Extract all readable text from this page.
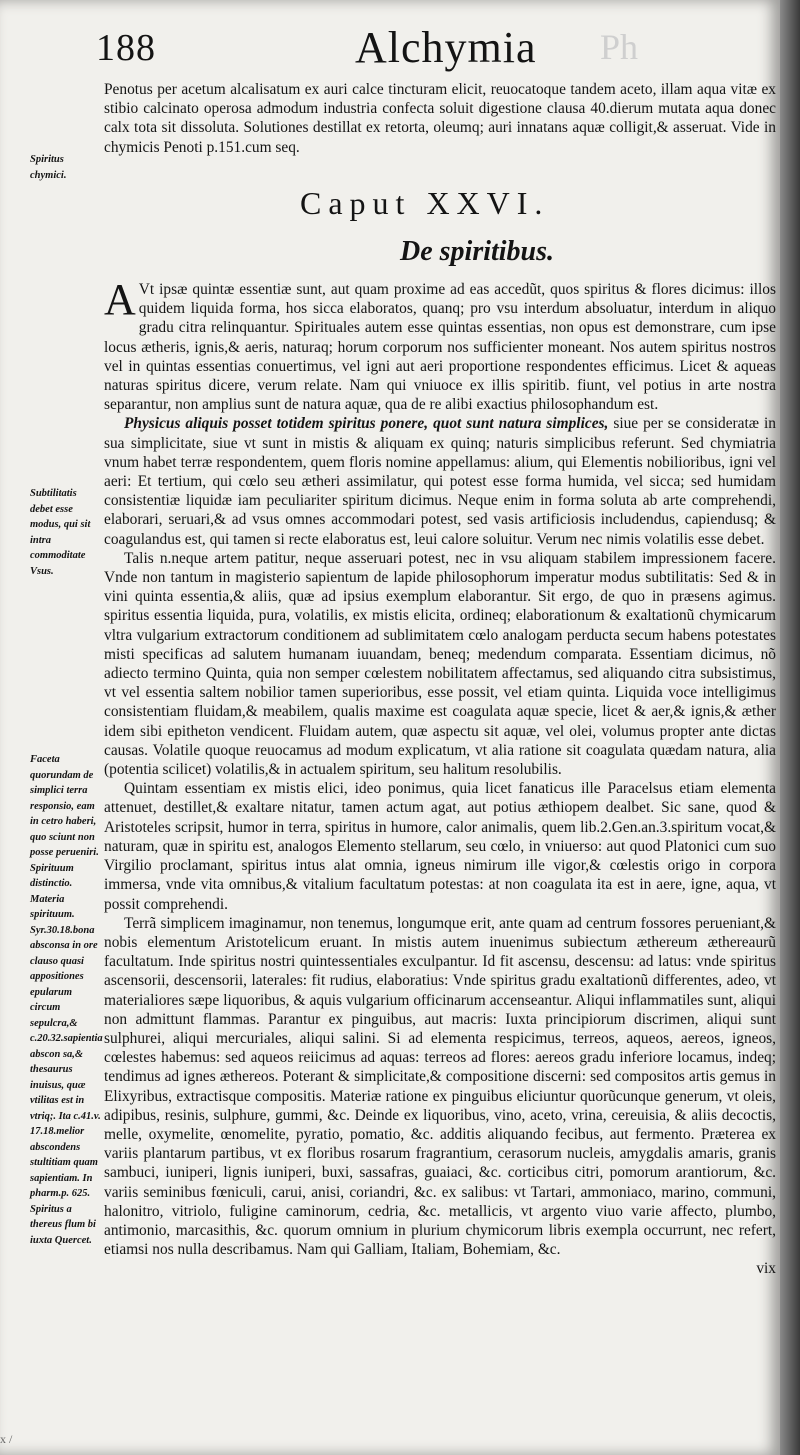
188	Alchymia Ph

Penotus per acetum alcalisatum ex auri calce tincturam elicit, reuocatoque tandem aceto, illam aqua vitæ ex stibio calcinato operosa admodum industria confecta soluit digestione clausa 40.dierum mutata aqua donec calx tota sit dissoluta. Solutiones destillat ex retorta, oleumq; auri innatans aquæ colligit,& asseruat. Vide in chymicis Penoti p.151.cum seq.

Spiritus chymici.
Caput XXVI.
De spiritibus.

A Vt ipsæ quintæ essentiæ sunt, aut quam proxime ad eas accedũt, quos spiritus & flores dicimus: illos quidem liquida forma, hos sicca elaboratos, quanq; pro vsu interdum absoluatur, interdum in aliquo gradu citra relinquantur. Spirituales autem esse quintas essentias, non opus est demonstrare, cum ipse locus ætheris, ignis,& aeris, naturaq; horum corporum nos sufficienter moneant. Nos autem spiritus nostros vel in quintas essentias conuertimus, vel igni aut aeri proportione respondentes efficimus. Licet & aqueas naturas spiritus dicere, verum relate. Nam qui vniuoce ex illis spiritib. fiunt, vel potius in arte nostra separantur, non amplius sunt de natura aquæ, qua de re alibi exactius philosophandum est.

Physicus aliquis posset totidem spiritus ponere, quot sunt natura simplices, siue per se consideratæ in sua simplicitate, siue vt sunt in mistis & aliquam ex quinq; naturis simplicibus referunt. Sed chymiatria vnum habet terræ respondentem, quem floris nomine appellamus: alium, qui Elementis nobilioribus, igni vel aeri: Et tertium, qui cœlo seu ætheri assimilatur, qui potest esse forma humida, vel sicca; sed humidam consistentiæ liquidæ iam peculiariter spiritum dicimus. Neque enim in forma soluta ab arte comprehendi, elaborari, seruari,& ad vsus omnes accommodari potest, sed vasis artificiosis includendus, capiendusq; & coagulandus est, qui tamen si recte elaboratus est, leui calore soluitur. Verum nec nimis volatilis esse debet.

Talis n.neque artem patitur, neque asseruari potest, nec in vsu aliquam stabilem impressionem facere. Vnde non tantum in magisterio sapientum de lapide philosophorum imperatur modus subtilitatis: Sed & in vini quinta essentia,& aliis, quæ ad ipsius exemplum elaborantur. Sit ergo, de quo in præsens agimus. spiritus essentia liquida, pura, volatilis, ex mistis elicita, ordineq; elaborationum & exaltationũ chymicarum vltra vulgarium extractorum conditionem ad sublimitatem cœlo analogam perducta secum habens potestates misti specificas ad salutem humanam iuuandam, beneq; medendum comparata. Essentiam dicimus, nõ adiecto termino Quinta, quia non semper cœlestem nobilitatem affectamus, sed aliquando citra subsistimus, vt vel essentia saltem nobilior tamen superioribus, esse possit, vel etiam quinta. Liquida voce intelligimus consistentiam fluidam,& meabilem, qualis maxime est coagulata aquæ specie, licet & aer,& ignis,& æther idem sibi epitheton vendicent. Fluidam autem, quæ aspectu sit aquæ, vel olei, volumus propter ante dictas causas. Volatile quoque reuocamus ad modum explicatum, vt alia ratione sit coagulata quædam natura, alia (potentia scilicet) volatilis,& in actualem spiritum, seu halitum resolubilis.

Quintam essentiam ex mistis elici, ideo ponimus, quia licet fanaticus ille Paracelsus etiam elementa attenuet, destillet,& exaltare nitatur, tamen actum agat, aut potius æthiopem dealbet. Sic sane, quod & Aristoteles scripsit, humor in terra, spiritus in humore, calor animalis, quem lib.2.Gen.an.3.spiritum vocat,& naturam, quæ in spiritu est, analogos Elemento stellarum, seu cœlo, in vniuerso: aut quod Platonici cum suo Virgilio proclamant, spiritus intus alat omnia, igneus nimirum ille vigor,& cœlestis origo in corpora immersa, vnde vita omnibus,& vitalium facultatum potestas: at non coagulata ita est in aere, igne, aqua, vt possit comprehendi.

Terrã simplicem imaginamur, non tenemus, longumque erit, ante quam ad centrum fossores perueniant,& nobis elementum Aristotelicum eruant. In mistis autem inuenimus subiectum æthereum æthereaurũ facultatum. Inde spiritus nostri quintessentiales exculpantur. Id fit ascensu, descensu: ad latus: vnde spiritus ascensorii, descensorii, laterales: fit rudius, elaboratius: Vnde spiritus gradu exaltationũ differentes, adeo, vt materialiores sæpe liquoribus, & aquis vulgarium officinarum accenseantur. Aliqui inflammatiles sunt, aliqui non admittunt flammas. Parantur ex pinguibus, aut macris: Iuxta principiorum discrimen, aliqui sunt sulphurei, aliqui mercuriales, aliqui salini. Si ad elementa respicimus, terreos, aqueos, aereos, igneos, cœlestes habemus: sed aqueos reiicimus ad aquas: terreos ad flores: aereos gradu inferiore locamus, indeq; tendimus ad ignes æthereos. Poterant & simplicitate,& compositione discerni: sed compositos artis gemus in Elixyribus, extractisque compositis. Materiæ ratione ex pinguibus eliciuntur quorũcunque generum, vt oleis, adipibus, resinis, sulphure, gummi, &c. Deinde ex liquoribus, vino, aceto, vrina, cereuisia, & aliis decoctis, melle, oxymelite, œnomelite, pyratio, pomatio, &c. additis aliquando fecibus, aut fermento. Præterea ex variis plantarum partibus, vt ex floribus rosarum fragrantium, cerasorum nucleis, amygdalis amaris, granis sambuci, iuniperi, lignis iuniperi, buxi, sassafras, guaiaci, &c. corticibus citri, pomorum arantiorum, &c. variis seminibus fœniculi, carui, anisi, coriandri, &c. ex salibus: vt Tartari, ammoniaco, marino, communi, halonitro, vitriolo, fuligine caminorum, cedria, &c. metallicis, vt argento viuo varie affecto, plumbo, antimonio, marcasithis, &c. quorum omnium in plurium chymicorum libris exempla occurrunt, nec refert, etiamsi nos nulla describamus. Nam qui Galliam, Italiam, Bohemiam, &c.

vix

Subtilitatis debet esse modus, qui sit intra commoditate Vsus.
Faceta quorundam de simplici terra responsio, eam in cetro haberi, quo sciunt non posse perueniri. Spirituum distinctio. Materia spirituum. Syr.30.18.bona absconsa in ore clauso quasi appositiones epularum circum sepulcra,& c.20.32.sapientia abscon sa,& thesaurus inuisus, quæ vtilitas est in vtriq;. Ita c.41.v. 17.18.melior abscondens stultitiam quam sapientiam. In pharm.p. 625. Spiritus a thereus flum bi iuxta Quercet.
x /
